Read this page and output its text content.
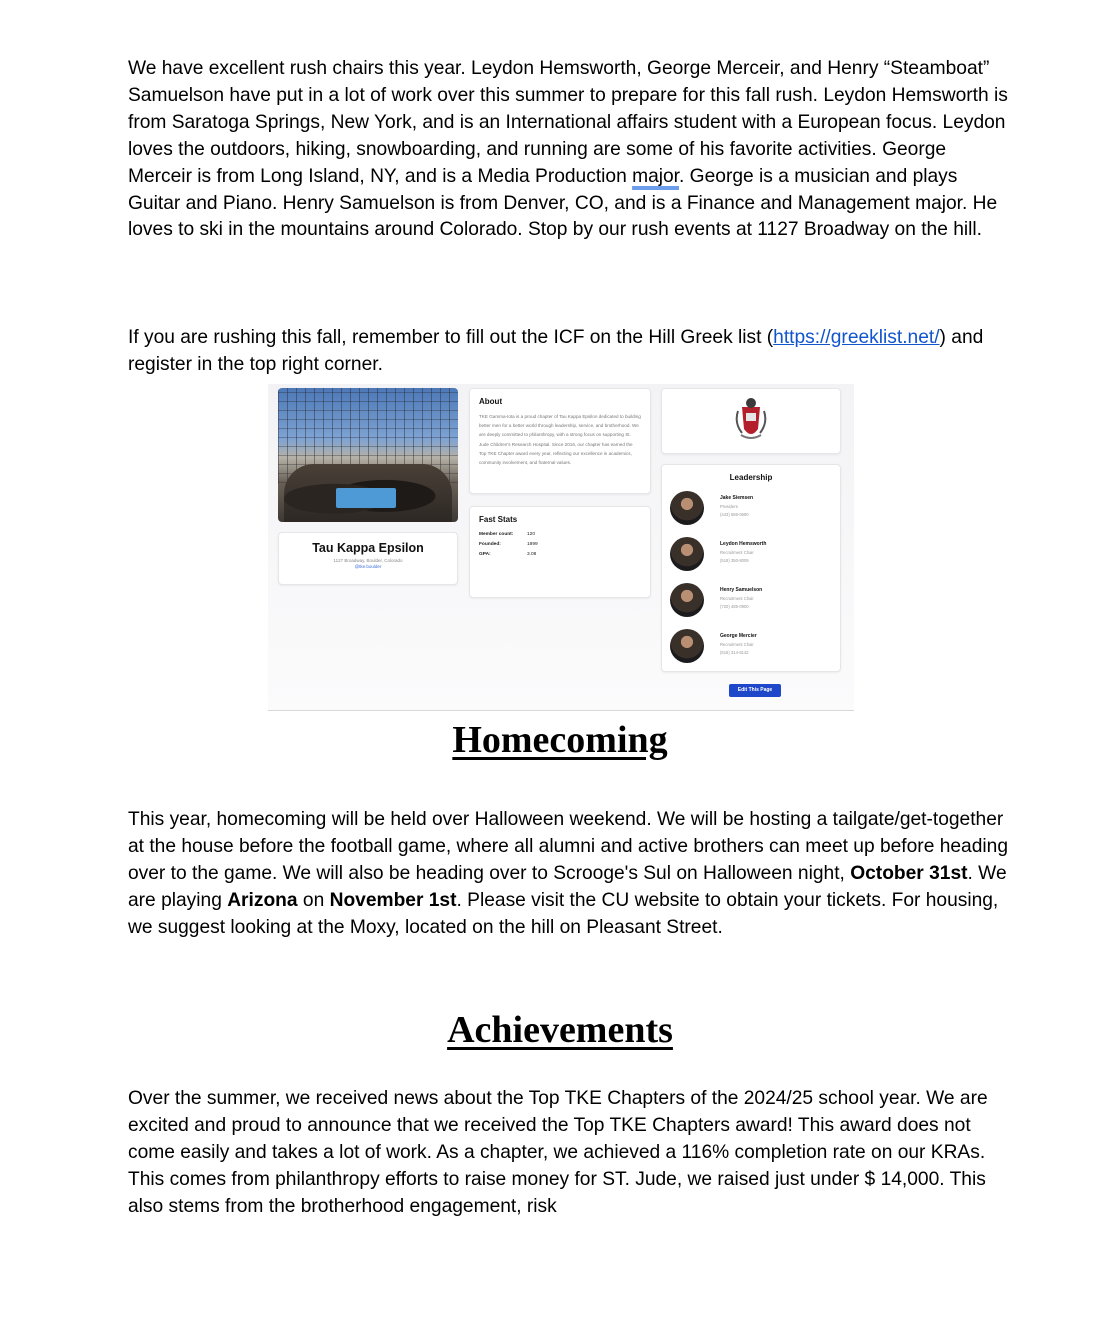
We have excellent rush chairs this year. Leydon Hemsworth, George Merceir, and Henry “Steamboat” Samuelson have put in a lot of work over this summer to prepare for this fall rush. Leydon Hemsworth is from Saratoga Springs, New York, and is an International affairs student with a European focus. Leydon loves the outdoors, hiking, snowboarding, and running are some of his favorite activities. George Merceir is from Long Island, NY, and is a Media Production major. George is a musician and plays Guitar and Piano. Henry Samuelson is from Denver, CO, and is a Finance and Management major. He loves to ski in the mountains around Colorado. Stop by our rush events at 1127 Broadway on the hill.

If you are rushing this fall, remember to fill out the ICF on the Hill Greek list (https://greeklist.net/) and register in the top right corner.

Tau Kappa Epsilon
1127 Broadway, Boulder, Colorado
@tke.boulder
About
TKE Gamma-Iota is a proud chapter of Tau Kappa Epsilon dedicated to building better men for a better world through leadership, service, and brotherhood. We are deeply committed to philanthropy, with a strong focus on supporting St. Jude Children's Research Hospital. Since 2016, our chapter has earned the Top TKE Chapter award every year, reflecting our excellence in academics, community involvement, and fraternal values.
Fast Stats
Member count:	120
Founded:	1899
GPA:	3.08
Leadership
Jake Siemsen
President
(443) 686-0690
Leydon Hemsworth
Recruitment Chair
(518) 350-8009
Henry Samuelson
Recruitment Chair
(720) 485-0900
George Mercier
Recruitment Chair
(516) 314-8142
Edit This Page
Homecoming

This year, homecoming will be held over Halloween weekend. We will be hosting a tailgate/get-together at the house before the football game, where all alumni and active brothers can meet up before heading over to the game. We will also be heading over to Scrooge's Sul on Halloween night, October 31st. We are playing Arizona on November 1st. Please visit the CU website to obtain your tickets. For housing, we suggest looking at the Moxy, located on the hill on Pleasant Street.

Achievements

Over the summer, we received news about the Top TKE Chapters of the 2024/25 school year. We are excited and proud to announce that we received the Top TKE Chapters award! This award does not come easily and takes a lot of work. As a chapter, we achieved a 116% completion rate on our KRAs. This comes from philanthropy efforts to raise money for ST. Jude, we raised just under $ 14,000. This also stems from the brotherhood engagement, risk
